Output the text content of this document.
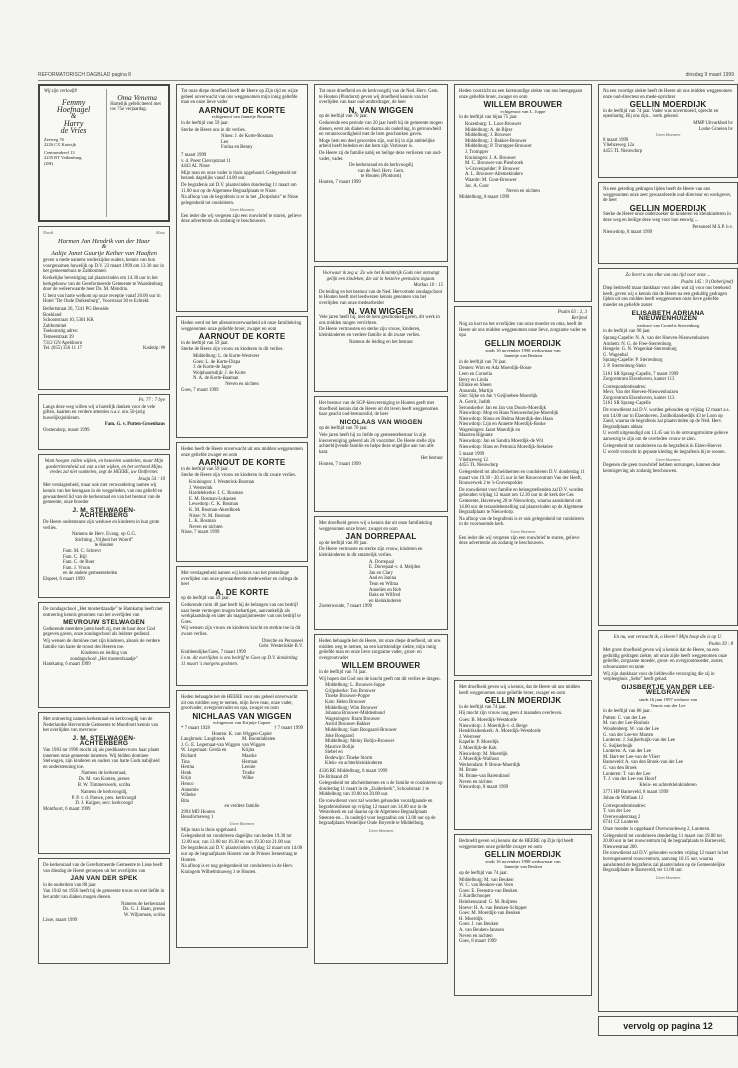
REFORMATORISCH DAGBLAD pagina 8	dinsdag 9 maart 1999
Wij zijn verloofd!
Femmy
Hoefnagel
&
Harry
de Vries
Zeeweg 76
2226 CX Katwijk
Centrumdreef 13
2235 BT Valkenburg
(ZH)
Oma Venema

Hartelijk gefeliciteerd met uw 75e verjaardag.

Nordt	Altoe
Harmen Jan Hendrik van der Haar
&
Aaltje Janet Guurtje Kether van Haaften

geven u mede namens wederzijdse ouders, kennis van hun voorgenomen huwelijk op D.V. 23 maart 1999 om 13.30 uur in het gemeentehuis te Zaltbommel.

Kerkelijke bevestiging zal plaatsvinden om 14.30 uur in het kerkgebouw van de Gereformeerde Gemeente te Waardenburg door de weleerwaarde heer Ds. M. Mondria.

U bent van harte welkom op onze receptie vanaf 20.00 uur in Hotel "De Oude Duikenburg", Voorstraat 30 te Echteld.

Bellertstraat 26, 7241 PG Beneide Boekland
Schoonstraat 10, 5301 KK Zaltbommel
Toekomstig adres:
Temeerstraat 39
7312 GN Apeldoorn
Tel. (055) 356 11 17	Kadotip: ✉
Ps. 77 : 7 bye

Langs deze weg willen wij u hartelijk danken voor de vele giften, kaarten en verdere attenties n.a.v. ons 50-jarig huwelijksjubileum.

Fam. G. v. Putten-Groenhaus
Oostendorp, maart 1999

Want hoegen vallen wijken, en heuvelen wankelen, maar Mijn goedertierenheid zal van u niet wijken, en het verbond Mijns vredes zal niet wankelen, zegt de HEERE, uw Ontfermer.

Jesaja 54 : 10

Met verslagenheid, maar ook met verwondering namen wij kennis van het heengaan in de weggeleden, van ons geliefd en gewaardeerd lid van de kerkenraad en van het bestuur van de gemeente, onze broeder

J. M. STELWAGEN-
ACHTERBERG

De Heere ondersteune zijn weduwe en kinderen in hun grote verlies.

Namens de Herv. Evang. op G.G.
Stichting „Vrijheit het Woord”
te Houten
Fam. M. C. Schrevr
Fam. C. Bijl
Fam. C. de Boer
Fam. J. Vroon
en de andere gemeenteleden
Elspeet, 6 maart 1999

De zondagschool „Het mosterdzaadje” te Hamkamp heeft met ontroering kennis genomen van het overlijden van

MEVROUW STELWAGEN

Gedurende meerdere jaren heeft zij, met de haar door God gegeven gaven, onze zondagschool als leidster gediend.

Wij wensen de dominee met zijn kinderen, alsook de verdere familie van harte de troost des Heeren toe.

Kinderen en leiding van
zondagschool „Het mosterdzaadje”
Hamkamp, 6 maart 1999

Met ontroering namen kerkenraad en kerkvoogdij van de Nederlandse Hervormde Gemeente te Montfoort kennis van het overlijden van mevrouw

J. M. STELWAGEN-
ACHTERBERG

Van 1983 tot 1996 mocht zij als predikantsvrouw haar plaats innemen onze gemeente innemen. Wij bidden dominee Stelwagen, zijn kinderen en ouders van harte Gods nabijheid en ondersteuning toe.

Namens de kerkenraad,
Ds. M. van Kooten, preses
B. W. Timmerswerk, scriba
Namens de kerkvoogdij,
P. P. v. d. Pauwe, pres. kerkvoogd
D. J. Kuijper, secr. kerkvoogd
Montfoort, 6 maart 1999

De kerkenraad van de Gereformeerde Gemeente te Lisse heeft van dinsdag de Heere geroepen uit het overlijden van

JAN VAN DER SPEK

in de ouderdom van 88 jaar.

Van 1942 tot 1956 heeft hij de gemeente trouw en met liefde in het ambt van diaken mogen dienen.

Namens de kerkenraad
Ds. G. J. Baan, preses
W. Wiljomsen, scriba
Lisse, maart 1999

Tot onze diepe droefheid heeft de Heere op Zijn tijd en wijze geheel onverwacht van ons weggenomen mijn innig geliefde man en onze lieve vader

AARNOUT DE KORTE
echtgenoot van Jannetje Bosman

in de leeftijd van 59 jaar.

Sterke de Heere ons in dit verlies.

Nines: J. de Korte-Bosman
Leo
Farina en Benny
7 maart 1999
v. d. Poest Clercqstraat 11
4443 AL Nisse

Mijn man en onze vader is thuis opgebaard. Gelegenheid tot bezoek dagelijks vanaf 14.00 uur.

De begrafenis zal D.V. plaatsvinden donderdag 11 maart om 11.00 uur op de Algemene Begraafplaats te Nisse.

Na afloop van de begrafenis is er in het „Dorpshuis” te Nisse gelegenheid tot condoleren.

Geen bloemen

Een ieder die wij vergeten zijn een rouwbrief te sturen, gelieve deze advertentie als zodanig te beschouwen.

Heden werd tot het allesomvoerwaarheid uit onze familiekring weggenomen onze geliefde broer, zwager en oom

AARNOUT DE KORTE

in de leeftijd van 59 jaar.

Sterke de Heere zijn vrouw en kinderen in dit verlies.

Middelburg: L. de Korte-Westveer
Goes: L. de Korte-Dispa
J. de Korte-de Jager
Wolphaartsdijk: J. de Korte
N. A. de Korte-Baaman
Neven en nichten
Goes, 7 maart 1999

Heden heeft de Heere onverwacht uit ons midden weggenomen onze geliefde zwager en oom

AARNOUT DE KORTE

in de leeftijd van 59 jaar.

Sterke de Heere zijn vrouw en kinderen in dit zware verlies.

Kruiningen: J. Westerink-Bosman
J. Westerink
Hardelekerke: J. C. Bosman
E. M. Bosman-Lukassen
Lewedorp: C. K. Bosman
K. M. Bosman-Akerdboek
Nisse: N. M. Bosman
L. K. Bosman
Neven en nichten
Nisse, 7 maart 1999

Met verslagenheid namen wij kennis van het plotselinge overlijden van onze gewaardeerde medewerker en collega de heer

A. DE KORTE

op de leeftijd van 59 jaar.

Gedurende ruim 40 jaar heeft hij de belangen van ons bedrijf naar beste vermogen mogen behartigen, aanvankelijk als werkplaatshulp en later als magazijnmeester van ons bedrijf te Goes.

Wij wensen zijn vrouw en kinderen kracht en sterkte toe in dit zware verlies.

Directie en Personeel
Gebr. Westerinkle B.V.
Krabbendijke/Goes, 7 maart 1999

I.v.m. dit overlijden is ons bedrijf te Goes op D.V. donderdag 11 maart 's morgens gesloten.

Heden behaagde het de HEERE voor ons geheel onverwacht uit ons midden weg te nemen, mijn lieve man, onze vader, grootvader, overgrootvader en opa, zwager en oom

NICHLAAS VAN WIGGEN
echtgenoot van Krijntje Capaer
* 7 maart 1928	† 7 maart 1999
Houten: K. van Wiggen-Capier
Langbroek: Langbroek
J. G. E. Legemaat-van Wiggen
W. Legemaat: Gerda en Richard
Tina
Herma
Henk
Krijn
Henco
Annemie
Wibeke
Rita
M. Boomlahisten
van Wiggen
Krijna
Maarke
Herman
Leonie
Trudie
Wilke
en verdere familie
2994 MD Houten
Beaufortseweg 1
Geen bloemen

Mijn man is thuis opgebaard.

Gelegenheid tot condoleren dagelijks van heden 19.30 tot 12.00 uur, van 13.00 tot 16.30 en van 19.30 tot 21.00 uur.

De begrafenis zal D.V. plaatsvinden vrijdag 12 maart om 14.00 uur op de begraafplaats Houten van de Prinses Irenestraag te Houten.

Na afloop is er nog gelegenheid tot condoleren in de Herv. Kraingein Wilhelminaweg 1 te Houten.

Tot onze droefheid en de kerkvoogdij van de Ned. Herv. Gem. te Houten (Plotdorst) geven wij droefheid kennis van het overlijden van haar oud-ambtsdrager, de heer

N. VAN WIGGEN

op de leeftijd van 70 jaar.

Gedurende een periode van 20 jaar heeft hij de gemeente mogen dienen, eerst als diaken en daarna als ouderling, in getrouwheid en verantwoordigheid met de hem geschonken gaven.

Moge hem ten deel geworden zijn, wat hij in zijn ambtelijke arbeid heeft beleden en dat hem zijn Verlosser is.

De Heere zij de familie nabij en heilige deze verliezen van oud-vader, vader.

De kerkenraad en de kerkvoogdij
van de Ned. Herv. Gem.
te Houten (Plotdorst)
Houten, 7 maart 1999

Voorwaar ik zeg u: Zo wie het Koninkrijk Gods niet ontvangt gelijk een kindeken, die zal in hetzelve geenszins ingaan.

Markus 10 : 15

De leiding en het bestuur van de Ned. Hervormde zondagschool te Houten heeft met leedwezen kennis genomen van het overlijden van onze medearbeider

N. VAN WIGGEN

Vele jaren heeft hij, met de hem geschonken gaven, dit werk in ons midden mogen verrichten.

De Heere vertroosten en sterke zijn vrouw, kinderen, kleinkinderen en verdere familie in dit zware verlies.

Namens de leiding en het bestuur

Het bestuur van de SGP-kiesvereniging te Houten geeft met droefheid kennis dat de Heere uit dit leven heeft weggenomen haar geacht oud-bestuurslid, de heer

NICOLAAS VAN WIGGEN

op de leeftijd van 70 jaar.

Vele jaren heeft hij zo liefde op gemeentebestuur in zijn kiesvereniging geleerd als 26 voorzitter. De Heere stelle zijn achterblijvende familie en helpe deze ongelijke aan van alle kant.

Het bestuur
Houten, 7 maart 1999

Met droefheid geven wij u kennis dat uit onze familiekring weggenomen onze broer, zwager en oom

JAN DORREPAAL

op de leeftijd van 89 jaar.

De Heere vertrooste en sterke zijn vrouw, kinderen en kleinkinderen in dit smartelijk verlies.

A. Dorrepaal
E. Dorrepaal-v. d. Meijden
Jan en Clary
Aad en Janina
Teun en Wilma
Annelies en Rob
Baks en Wilfred
en kleinkinderen
Zoeterwoude, 7 maart 1999

Heden behaagde het de Heere, tot onze diepe droefheid, uit ons midden weg te nemen, na een kortstondige ziekte, mijn innig geliefde man en onze lieve zorgzame vader, groot- en overgrootvader

WILLEM BROUWER

in de leeftijd van 74 jaar.

Wij hopen dat God ons de kracht geeft om dit verlies te dragen.

Middelburg: L. Brouwer-Joppe
Grijpskerke: Ton Brouwer
Tineke Brouwer-Poppe
Kats: Helen Brouwer
Middelburg: Wim Brouwer
Johanna Brouwer-Middenhuud
Wageningen: Bram Brouwer
Astrid Brouwer-Bakker
Middelburg: Sam Boogaard-Brouwer
Joke Boogaard
Middelburg: Meiny Bolijn-Brouwer
Maurice Bolijn
Siebel en
Bodewijn: Tineke Storm
Klein- en achterkleinkinderen
4336 RE Middelburg, 8 maart 1999
De Britsand 49

Gelegenheid tot afscheidnemen en u de familie te condoleren op donderdag 11 maart in de „Zuiderkerk”, Schoolstraat 1 te Middelburg van 19.00 tot 20.00 uur.

De rouwdienst voor zal worden gehouden voorafgaande en begrafenisdienst op vrijdag 12 maart om 14.00 uur in de Westerkerk en zal daarna op de Algemene Begraafplaats Steenen-en... In oudstijd voor begraafnis om 13.00 uur op de begraafplaats Westelijke Oude Boyerde te Middelburg.

Geen bloemen

Heden voorzicht na een kortstondige ziekte van ons heengegaan onze geliefde broer, zwager en oom

WILLEM BROUWER
echtgenoot van L. Joppe

in de leeftijd van bijna 75 jaar.

Rozenburg: L. Loot-Brouwer
Middelburg: A. de Bijter
Middelburg: J. Brouwer
Middelburg: J. Bakker-Brouwer
Middelburg: P. Trompper-Brouwer
J. Trompper
Kruiningen: J. A. Brouwer
M. C. Brouwer-van Pienbroek
's-Gravenpolder: P. Brouwer
A. L. Brouwer-Allemekinders
Waarde: M. Gout-Brouwer
Jac. A. Gout
Neven en nichten
Middelburg, 8 maart 1999
Psalm 63 : 2, 3
Berijmd

Nog zo kort na het overlijden van onze moeder en oma, heeft de Heere uit ons midden weggenomen onze lieve, zorgzame vader en opa

GELLIN MOERDIJK
sinds 16 november 1998 weduwnaar van
Jannetje van Beuken

in de leeftijd van 70 jaar.

Deuten: Wim en Ada Moerdijk-Bosse
Leen en Cornelia
Berry en Linda
Ellinke en Sheen
Annanda, Martijn
Sint: Sijke en Jan 't Geijloeben-Moerdijk
A. Gerrit, Judith
Serooskerke: Jan en Jan van Doorn-Moerdijk
Nieuwdorp: Mop en Hans Nieuwenhuijse-Moerdijk
Nieuwdorp: Rinus en Helma Moerdijk-den Haan
Nieuwdorp: Lijn en Annette Moerdijk-Boske
Wageningen: Jaant Moerdijk en
Maarten Bijpunte
Nieuwdorp: Jan en Sandra Moerdijk-de Wit
Nieuwdorp: Hans en Petronia Moerdijk-Stekelee
5 maart 1999
Vliebzeweg 12
4455 TL Nieuwdorp

Gelegenheid tot afscheidnemen en condoleren D.V. donderdag 11 maart van 19.30 - 20.15 uur in het Rouwcentrum Van der Heeft, Bouwerwek 2 te 's-Gravenpolder.

De rouwdienst voor familie en belangstellenden zal D.V. worden gehouden vrijdag 12 maart om 12.30 uur in de kerk der Ger. Gemeente, Havenweg 28 te Nieuwdorp, waarna aansluitend om 14.00 uur de teraardebestelling zal plaatsvinden op de Algemene Begraafplaats te Nieuwdorp.

Na afloop van de begrafenis is er ook gelegenheid tot condoleren in de voornoemde kerk.

Geen bloemen

Een ieder die wij vergeten zijn een rouwbrief te sturen, gelieve deze advertentie als zodanig te beschouwen.

Met droefheid geven wij u kennis, dat de Heere uit ons midden heeft weggenomen onze geliefde broer, zwager en oom

GELLIN MOERDIJK

in de leeftijd van 74 jaar.

Hij mocht zijn vrouw nog geen 4 maanden overleven.

Goes: B. Moerdijk-Westdorde
Nieuwdorp: J. Moerdijk-v. d. Berge
Hendriksikeskerk: A. Moerdijk-Westdorde
J. Westveer
Kapelle: P. Moerdijk
J. Moerdijk-de Kok
Nieuwdorp: M. Moerdijk
J. Moerdijk-Walhout
Werkendam: P. Brune-Moerdijk
M. Brune
M. Brune-van Barendraud
Neven en nichten
Nieuwdorp, 8 maart 1999

Bedroefd geven wij kennis dat de HEERE op Zijn tijd heeft weggenomen onze geliefde zwager en oom

GELLIN MOERDIJK
sinds 16 november 1998 weduwnaar van
Jannetje van Beuken

op de leeftijd van 74 jaar.

Middelburg: M. van Beuken
W. C. van Beuken-van Veen
Goes: E. Feenstra-van Beuken
J. Kardbchooper
Heinkenszand: G. M. Ruijtens
Hoeve: H. A. van Beuken-Schipper
Goes: M. Moerdijk-van Beuken
H. Moerdijk
Goes: J. van Beuken
A. van Beuken-Janssen
Neven en nichten
Goes, 8 maart 1999

Na een voortige ziekte heeft de Heere uit ons midden weggenomen onze oud-directeur en mede-oprichter

GELLIN MOERDIJK

in de leeftijd van 74 jaar. Vader was onvermoeid, oprecht en openhartig. Bij ons zijn... werk gekend.

MMP Uitvarkhed bv
Loshe Groeien bv
Geen bloemen
8 maart 1999
Vliebzeweg 12a
4455 TL Nieuwdorp

Na een geleding gedragen lijden heeft de Heere van ons weggenomen onze zeer gewaardeerde oud-directeur en werkgever, de heer

GELLIN MOERDIJK

Sterke de Heere onze onderzoeker de kinderen en kleinkinderen in deze weg en heilige deze weg voor hun eeuwig ...

Personeel M.S.P. b.v.
Nieuwdorp, 8 maart 1999

Zo lleert u ons elke van ons tijd voor onze ...

Psalm 145 : 9 (Onberijmd)

Diep bedroefd maar dankbaar voor alles wat zij voor ons betekend heeft, geven wij u kennis dat de Heere na een geduldig gedragen lijden uit ons midden heeft weggenomen onze lieve geliefde moeder en geliefde zuster

ELISABETH ADRIANA NIEUWENHUIZEN
weduwe van Cornelis Sterrenburg

in de leeftijd van 90 jaar.

Sprang-Capelle: N. A. van der Hoeven-Nieuwenhuizen
Arnhem: N. G. de Free-Sterrenburg
Hengelo: G. N. Wagenhal-Sterrenburg
G. Wagenhal
Sprang-Capelle: P. Sterrenburg
J. P. Sterrenburg-Stein
5161 SR Sprang-Capelle, 7 maart 1999
Zorgcentrum Elzenhoven, kamer 113
Correspondentieadres:
Mevr. Van der Hoeven-Nieuwenhuizen
Zorgcentrum Elzenhoven, kamer 113
5161 SR Sprang-Capelle

De rouwdienst zal D.V. worden gehouden op vrijdag 12 maart a.s. om 14.00 uur in Elzenhoven, Zuidhollandsedijk 43 te Loon op Zand, waarna de begrafenis zal plaatsvinden op de Ned. Herv. Begraafplaats aldaar.

U wordt uitgenodigd om 13.45 uur in de ontvangstruimte gelieve aanwezig te zijn om de overleden vrouw te zien.

Gelegenheid tot condoleren na de begrafenis in Elzen-Hoever.

U wordt verzocht in gepaste kleding de begrafenis bij te wonen.

Geen bloemen

Degenen die geen rouwbrief hebben ontvangen, kunnen deze kennisgeving als zodanig beschouwen.

En nu, wat verwacht ik, o Heere? Mijn hoop die is op U.

Psalm 39 : 8

Met grote droefheid geven wij u kennis dat de Heere, na een geduldig gedragen ziekte, uit onze zijde heeft weggenomen onze geliefde, zorgzame moeder, groot- en overgrootmoeder, zuster, schoonzuster en tante

Wij zijn dankbaar voor de liefdevolle verzorging die zij in verpleeghuis „Sebo” heeft gehad.

GIJSBERTJE VAN DER LEE-WELGRAVEN
sinds 16 juni 1997 weduwe van
Teunis van der Lee

in de leeftijd van 86 jaar.

Putten: C. van der Lee
M. van der Lee-Boshuis
Woudenberg: W. van der Lee
G. van der Lee-ter Marten
Lunteren: J. Suijkerbuijk-van der Lee
G. Suijkerbuijk
Lunteren: A. van der Lee
M. Hart-ter Lee-van de Vliert
Barneveld: A. van den Broek-van der Lee
G. van den Broek
Lunteren: T. van der Lee
T. J. van der Lee-van Hoorf
Klein- en achterkleinkinderen
3771 HP Barneveld, 8 maart 1999
Johan de Wittlaan 12
Correspondentieadres:
T. van der Lee
Overwoudestraag 2
6741 CZ Lunteren

Onze moeder is opgebaard Overwoudeweg 2, Lunteren.

Gelegenheid tot condoleren donderdag 11 maart van 19.00 tot 20.00 uur in het rouwcentrum bij de begraafplaats te Barneveld, Nieuwestraat 260.

De rouwdienst zal D.V. gehouden worden vrijdag 12 maart in het bovengenoemd rouwcentrum, aanvang 10.15 uur, waarna aansluitend de begrafenis zal plaatsvinden op de Gemeentelijke Begraafplaats te Barneveld, ter 11.00 uur.

Geen bloemen
vervolg op pagina 12
